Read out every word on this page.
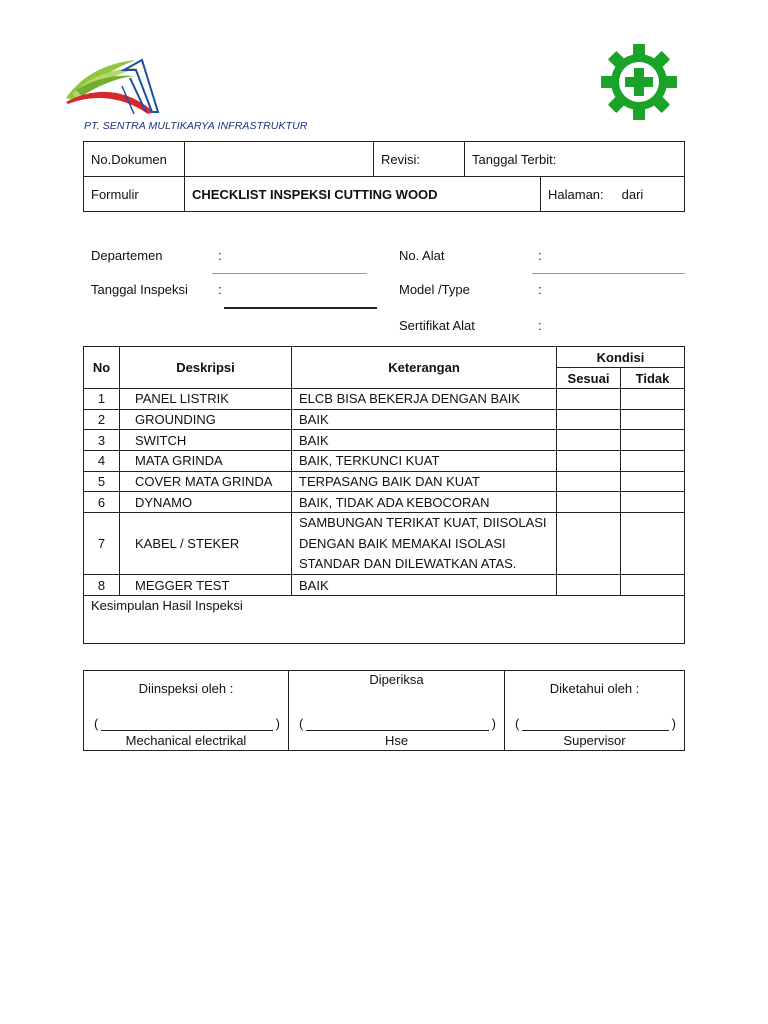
PT. SENTRA MULTIKARYA INFRASTRUKTUR
No.Dokumen		Revisi:	Tanggal Terbit:	
Formulir	CHECKLIST INSPEKSI CUTTING WOOD			Halaman: dari
Departemen	:
Tanggal Inspeksi :
No. Alat	:
Model /Type	:
Sertifikat Alat	:
No	Deskripsi	Keterangan	Kondisi	
			Sesuai	Tidak
1	PANEL LISTRIK	ELCB BISA BEKERJA DENGAN BAIK		
2	GROUNDING	BAIK		
3	SWITCH	BAIK		
4	MATA GRINDA	BAIK, TERKUNCI KUAT		
5	COVER MATA GRINDA	TERPASANG BAIK DAN KUAT		
6	DYNAMO	BAIK, TIDAK ADA KEBOCORAN		
7	KABEL / STEKER	SAMBUNGAN TERIKAT KUAT, DIISOLASI
DENGAN BAIK MEMAKAI ISOLASI
STANDAR DAN DILEWATKAN ATAS.		

8	MEGGER TEST	BAIK		
Kesimpulan Hasil Inspeksi				
Diinspeksi oleh :
(	)
Mechanical electrikal

Diperiksa
(	)
Hse

Diketahui oleh :
(	)
Supervisor
